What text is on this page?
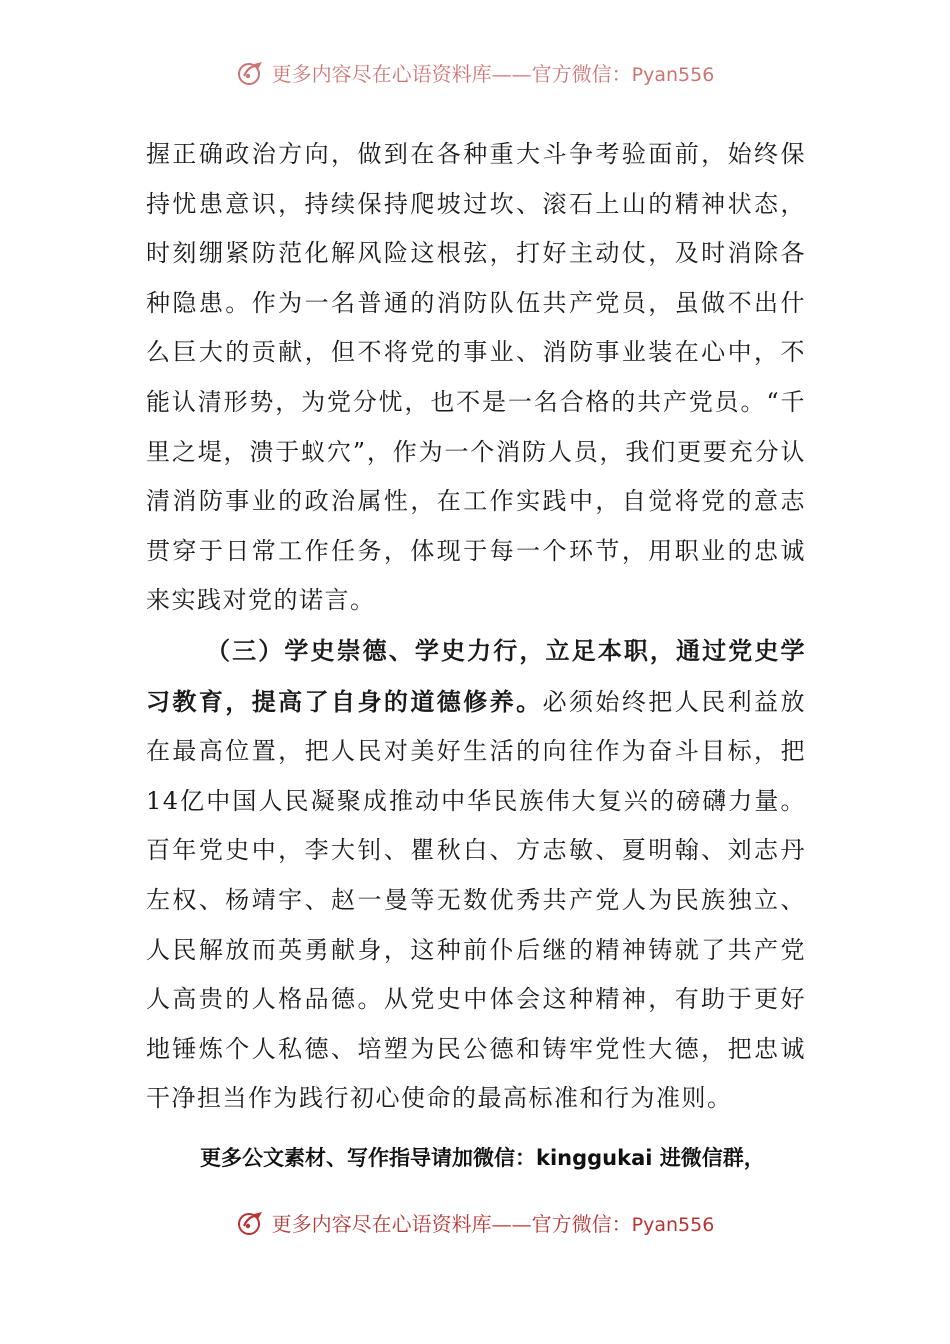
更多内容尽在心语资料库——官方微信：Pyan556

握正确政治方向，做到在各种重大斗争考验面前，始终保持忧患意识，持续保持爬坡过坎、滚石上山的精神状态，时刻绷紧防范化解风险这根弦，打好主动仗，及时消除各种隐患。作为一名普通的消防队伍共产党员，虽做不出什么巨大的贡献，但不将党的事业、消防事业装在心中，不能认清形势，为党分忧，也不是一名合格的共产党员。“千里之堤，溃于蚁穴”，作为一个消防人员，我们更要充分认清消防事业的政治属性，在工作实践中，自觉将党的意志贯穿于日常工作任务，体现于每一个环节，用职业的忠诚来实践对党的诺言。

（三）学史崇德、学史力行，立足本职，通过党史学习教育，提高了自身的道德修养。必须始终把人民利益放在最高位置，把人民对美好生活的向往作为奋斗目标，把14亿中国人民凝聚成推动中华民族伟大复兴的磅礴力量。百年党史中，李大钊、瞿秋白、方志敏、夏明翰、刘志丹左权、杨靖宇、赵一曼等无数优秀共产党人为民族独立、人民解放而英勇献身，这种前仆后继的精神铸就了共产党人高贵的人格品德。从党史中体会这种精神，有助于更好地锤炼个人私德、培塑为民公德和铸牢党性大德，把忠诚干净担当作为践行初心使命的最高标准和行为准则。

更多公文素材、写作指导请加微信：kinggukai 进微信群，
更多内容尽在心语资料库——官方微信：Pyan556
